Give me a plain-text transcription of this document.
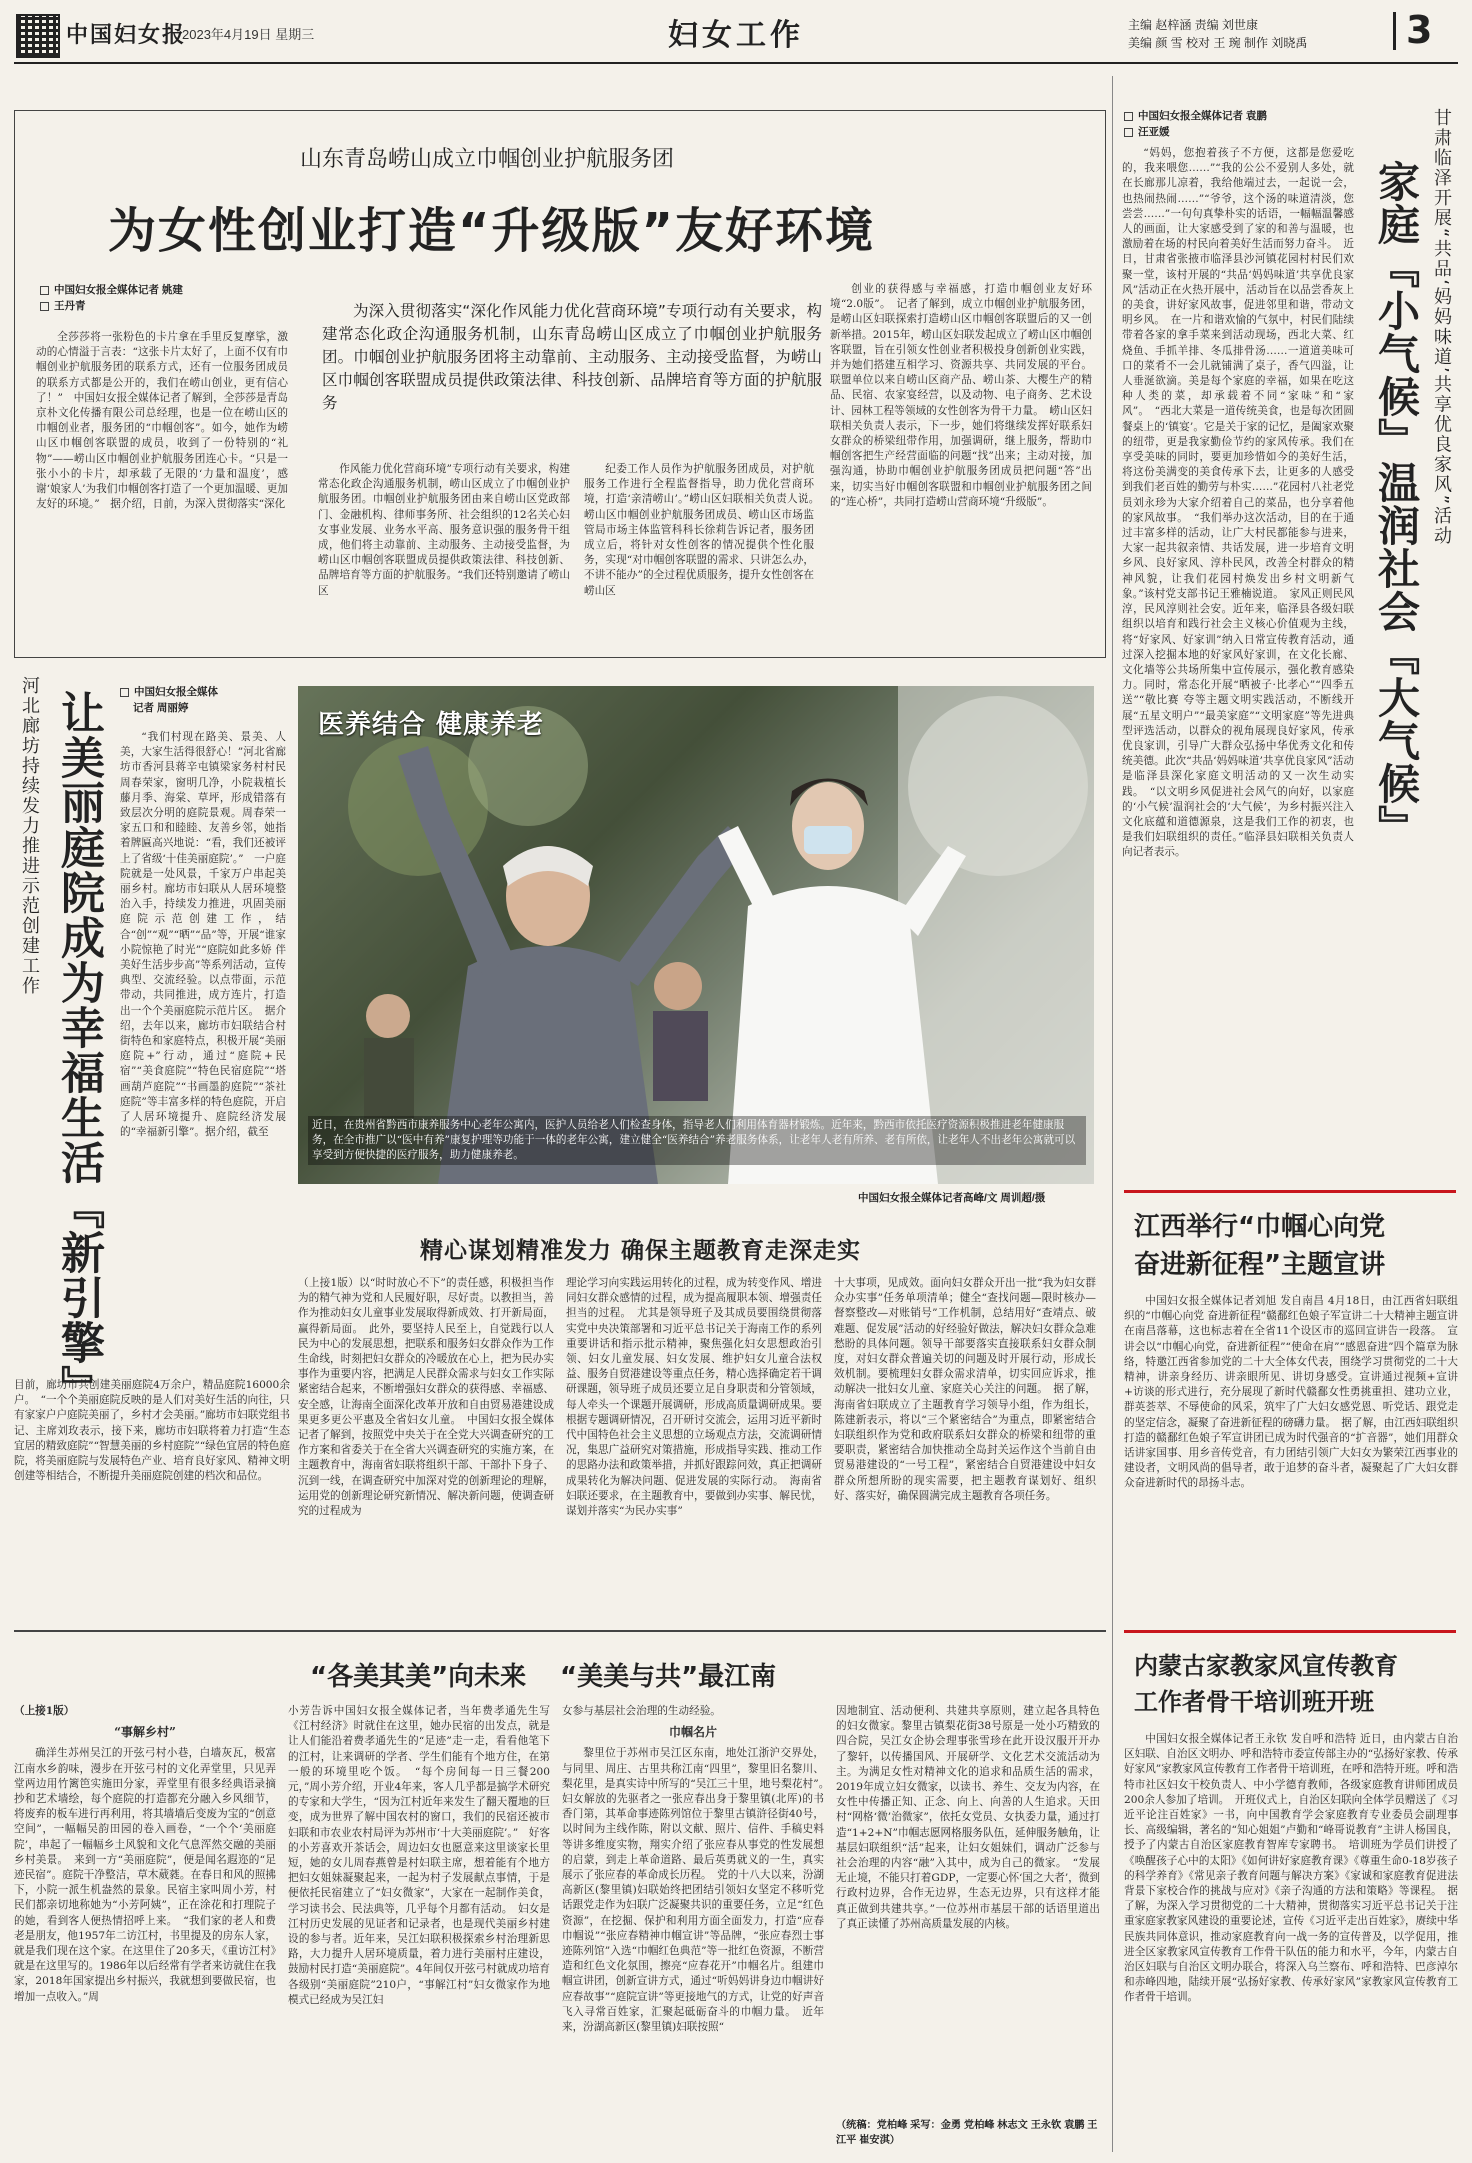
中国妇女报
2023年4月19日 星期三	妇女工作	主编 赵梓涵 责编 刘世康
美编 颜 雪 校对 王 琬 制作 刘晓禹	3
山东青岛崂山成立巾帼创业护航服务团
为女性创业打造“升级版”友好环境
中国妇女报全媒体记者 姚建
王丹青	为深入贯彻落实“深化作风能力优化营商环境”专项行动有关要求，构建常态化政企沟通服务机制，山东青岛崂山区成立了巾帼创业护航服务团。巾帼创业护航服务团将主动靠前、主动服务、主动接受监督，为崂山区巾帼创客联盟成员提供政策法律、科技创新、品牌培育等方面的护航服务

全莎莎将一张粉色的卡片拿在手里反复摩挲，激动的心情溢于言表：“这张卡片太好了，上面不仅有巾帼创业护航服务团的联系方式，还有一位服务团成员的联系方式都是公开的，我们在崂山创业，更有信心了！”　中国妇女报全媒体记者了解到，全莎莎是青岛京朴文化传播有限公司总经理，也是一位在崂山区的巾帼创业者，服务团的“巾帼创客”。如今，她作为崂山区巾帼创客联盟的成员，收到了一份特别的“礼物”——崂山区巾帼创业护航服务团连心卡。“只是一张小小的卡片，却承载了无限的‘力量和温度’，感谢‘娘家人’为我们巾帼创客打造了一个更加温暖、更加友好的环境。”　据介绍，日前，为深入贯彻落实“深化

作风能力优化营商环境”专项行动有关要求，构建常态化政企沟通服务机制，崂山区成立了巾帼创业护航服务团。巾帼创业护航服务团由来自崂山区党政部门、金融机构、律师事务所、社会组织的12名关心妇女事业发展、业务水平高、服务意识强的服务骨干组成，他们将主动靠前、主动服务、主动接受监督，为崂山区巾帼创客联盟成员提供政策法律、科技创新、品牌培育等方面的护航服务。“我们还特别邀请了崂山区

纪委工作人员作为护航服务团成员，对护航服务工作进行全程监督指导，助力优化营商环境，打造‘亲清崂山’。”崂山区妇联相关负责人说。　崂山区巾帼创业护航服务团成员、崂山区市场监管局市场主体监管科科长徐莉告诉记者，服务团成立后，将针对女性创客的情况提供个性化服务，实现“对巾帼创客联盟的需求、只讲怎么办，不讲不能办”的全过程优质服务，提升女性创客在崂山区

创业的获得感与幸福感，打造巾帼创业友好环境“2.0版”。　记者了解到，成立巾帼创业护航服务团，是崂山区妇联探索打造崂山区巾帼创客联盟后的又一创新举措。2015年，崂山区妇联发起成立了崂山区巾帼创客联盟，旨在引领女性创业者积极投身创新创业实践，并为她们搭建互相学习、资源共享、共同发展的平台。联盟单位以来自崂山区商产品、崂山茶、大樱生产的精品、民宿、农家宴经营，以及动物、电子商务、艺术设计、园林工程等领域的女性创客为骨干力量。　崂山区妇联相关负责人表示，下一步，她们将继续发挥好联系妇女群众的桥梁纽带作用，加强调研，继上服务，帮助巾帼创客把生产经营面临的问题“找”出来；主动对接，加强沟通，协助巾帼创业护航服务团成员把问题“答”出来，切实当好巾帼创客联盟和巾帼创业护航服务团之间的“连心桥”，共同打造崂山营商环境“升级版”。

中国妇女报全媒体记者 袁鹏
汪亚媛	甘肃临泽开展“共品‘妈妈味道’共享优良家风”活动
家庭『小气候』温润社会『大气候』

“妈妈，您抱着孩子不方便，这都是您爱吃的，我来喂您……”“我的公公不爱别人多处，就在长廊那儿凉着，我给他端过去，一起说一会，也热闹热闹……”“爷爷，这个汤的味道清淡，您尝尝……”一句句真挚朴实的话语，一幅幅温馨感人的画面，让大家感受到了家的和善与温暖，也激励着在场的村民向着美好生活而努力奋斗。　近日，甘肃省张掖市临泽县沙河镇花园村村民们欢聚一堂，该村开展的“共品‘妈妈味道’共享优良家风”活动正在火热开展中，活动旨在以品尝香灰上的美食，讲好家风故事，促进邻里和谐，带动文明乡风。　在一片和谐欢愉的气氛中，村民们陆续带着各家的拿手菜来到活动现场，西北大菜、红烧鱼、手抓羊排、冬瓜排骨汤……一道道美味可口的菜肴不一会儿就铺满了桌子，香气四溢，让人垂涎欲滴。美是每个家庭的幸福，如果在吃这种人类的菜，却承载着不同“家味”和“家风”。　“西北大菜是一道传统美食，也是每次团圆餐桌上的‘镇宴’。它是关于家的记忆，是阖家欢聚的纽带，更是我家勤俭节约的家风传承。我们在享受美味的同时，要更加珍惜如今的美好生活，将这份美满变的美食传承下去，让更多的人感受到我们老百姓的勤劳与朴实……”花园村八社老党员刘永珍为大家介绍着自己的菜品，也分享着他的家风故事。　“我们举办这次活动，目的在于通过丰富多样的活动，让广大村民都能参与进来，大家一起共叙亲情、共话发展，进一步培育文明乡风、良好家风、淳朴民风，改善全村群众的精神风貌，让我们花园村焕发出乡村文明新气象。”该村党支部书记王雅楠说道。　家风正则民风淳，民风淳则社会安。近年来，临泽县各级妇联组织以培育和践行社会主义核心价值观为主线，将“好家风、好家训”纳入日常宣传教育活动，通过深入挖掘本地的好家风好家训，在文化长廊、文化墙等公共场所集中宣传展示，强化教育感染力。同时，常态化开展“晒被子·比孝心”“四季五送”“敬比赛 夸等主题文明实践活动，不断线开展“五星文明户”“最美家庭”“文明家庭”等先进典型评选活动，以群众的视角展现良好家风，传承优良家训，引导广大群众弘扬中华优秀文化和传统美德。此次“共品‘妈妈味道’共享优良家风”活动是临泽县深化家庭文明活动的又一次生动实践。　“以文明乡风促进社会风气的向好，以家庭的‘小气候’温润社会的‘大气候’，为乡村振兴注入文化底蕴和道德源泉，这是我们工作的初衷，也是我们妇联组织的责任。”临泽县妇联相关负责人向记者表示。

河北廊坊持续发力推进示范创建工作 让美丽庭院成为幸福生活『新引擎』	中国妇女报全媒体
记者 周丽婷

“我们村现在路美、景美、人美，大家生活得很舒心！”河北省廊坊市香河县蒋辛屯镇梁家务村村民周春荣家，窗明几净，小院栽植长藤月季、海棠、草坪，形成错落有致层次分明的庭院景观。周春荣一家五口和和睦睦、友善乡邻，她指着牌匾高兴地说：“看，我们还被评上了省级‘十佳美丽庭院’。”　一户庭院就是一处风景，千家万户串起美丽乡村。廊坊市妇联从人居环境整治入手，持续发力推进，巩固美丽庭院示范创建工作，结合“创”“观”“晒”“品”等，开展“谁家小院惊艳了时光”“庭院如此多娇 伴美好生活步步高”等系列活动，宣传典型、交流经验。以点带面，示范带动，共同推进，成方连片，打造出一个个美丽庭院示范片区。　据介绍，去年以来，廊坊市妇联结合村街特色和家庭特点，积极开展“美丽庭院+”行动，通过“庭院+民宿”“美食庭院”“特色民宿庭院”“塔画葫芦庭院”“书画墨韵庭院”“茶社庭院”等丰富多样的特色庭院，开启了人居环境提升、庭院经济发展的“幸福新引擎”。据介绍，截至

目前，廊坊市共创建美丽庭院4万余户，精品庭院16000余户。　“一个个美丽庭院反映的是人们对美好生活的向往，只有家家户户庭院美丽了，乡村才会美丽。”廊坊市妇联党组书记、主席刘玫表示，接下来，廊坊市妇联将着力打造“生态宜居的精致庭院”“智慧美丽的乡村庭院”“绿色宜居的特色庭院，将美丽庭院与发展特色产业、培育良好家风、精神文明创建等相结合，不断提升美丽庭院创建的档次和品位。

医养结合 健康养老
近日，在贵州省黔西市康养服务中心老年公寓内，医护人员给老人们检查身体，指导老人们利用体育器材锻炼。近年来，黔西市依托医疗资源积极推进老年健康服务，在全市推广以“医中有养”康复护理等功能于一体的老年公寓，建立健全“医养结合”养老服务体系，让老年人老有所养、老有所依，让老年人不出老年公寓就可以享受到方便快捷的医疗服务，助力健康养老。
中国妇女报全媒体记者高峰/文 周训超/摄
精心谋划精准发力 确保主题教育走深走实

（上接1版）以“时时放心不下”的责任感，积极担当作为的精气神为党和人民履好职，尽好责。以教担当，善作为推动妇女儿童事业发展取得新成效、打开新局面，赢得新局面。　此外，要坚持人民至上，自觉践行以人民为中心的发展思想，把联系和服务妇女群众作为工作生命线，时刻把妇女群众的冷暖放在心上，把为民办实事作为重要内容，把满足人民群众需求与妇女工作实际紧密结合起来，不断增强妇女群众的获得感、幸福感、安全感，让海南全面深化改革开放和自由贸易港建设成果更多更公平惠及全省妇女儿童。　中国妇女报全媒体记者了解到，按照党中央关于在全党大兴调查研究的工作方案和省委关于在全省大兴调查研究的实施方案，在主题教育中，海南省妇联将组织干部、干部扑下身子、沉到一线，在调查研究中加深对党的创新理论的理解，运用党的创新理论研究新情况、解决新问题，使调查研究的过程成为

理论学习向实践运用转化的过程，成为转变作风、增进同妇女群众感情的过程，成为提高履职本领、增强责任担当的过程。　尤其是领导班子及其成员要围绕贯彻落实党中央决策部署和习近平总书记关于海南工作的系列重要讲话和指示批示精神，聚焦强化妇女思想政治引领、妇女儿童发展、妇女发展、维护妇女儿童合法权益、服务自贸港建设等重点任务，精心选择确定若干调研课题，领导班子成员还要立足自身职责和分管领域，每人牵头一个课题开展调研，形成高质量调研成果。要根据专题调研情况，召开研讨交流会，运用习近平新时代中国特色社会主义思想的立场观点方法，交流调研情况，集思广益研究对策措施，形成指导实践、推动工作的思路办法和政策举措，并抓好跟踪问效，真正把调研成果转化为解决问题、促进发展的实际行动。　海南省妇联还要求，在主题教育中，要做到办实事、解民忧，谋划并落实“为民办实事”

十大事项，见成效。面向妇女群众开出一批“我为妇女群众办实事”任务单项清单；健全“查找问题—限时核办—督察整改—对账销号”工作机制，总结用好“查靖点、破难题、促发展”活动的好经验好做法，解决妇女群众急难愁盼的具体问题。领导干部要落实直接联系妇女群众制度，对妇女群众普遍关切的问题及时开展行动，形成长效机制。要梳理妇女群众需求清单，切实回应诉求，推动解决一批妇女儿童、家庭关心关注的问题。　据了解，海南省妇联成立了主题教育学习领导小组，作为组长，陈建新表示，将以“三个紧密结合”为重点，即紧密结合妇联组织作为党和政府联系妇女群众的桥梁和纽带的重要职责，紧密结合加快推动全岛封关运作这个当前自由贸易港建设的“一号工程”，紧密结合自贸港建设中妇女群众所想所盼的现实需要，把主题教育谋划好、组织好、落实好，确保圆满完成主题教育各项任务。

江西举行“巾帼心向党
奋进新征程”主题宣讲

中国妇女报全媒体记者刘旭 发自南昌 4月18日，由江西省妇联组织的“巾帼心向党 奋进新征程”赣鄱红色娘子军宣讲二十大精神主题宣讲在南昌落幕，这也标志着在全省11个设区市的巡回宣讲告一段落。　宣讲会以“巾帼心向党，奋进新征程”“使命在肩”“感恩奋进”四个篇章为脉络，特邀江西省参加党的二十大全体女代表，围绕学习贯彻党的二十大精神，讲亲身经历、讲亲眼所见、讲切身感受。宣讲通过视频+宣讲+访谈的形式进行，充分展现了新时代赣鄱女性勇挑重担、建功立业，群英荟萃、不辱使命的风采，筑牢了广大妇女感党恩、听党话、跟党走的坚定信念，凝聚了奋进新征程的磅礴力量。　据了解，由江西妇联组织打造的赣鄱红色娘子军宣讲团已成为时代强音的“扩音器”，她们用群众话讲家国事、用乡音传党音，有力团结引领广大妇女为繁荣江西事业的建设者，文明风尚的倡导者，敢于追梦的奋斗者，凝聚起了广大妇女群众奋进新时代的昂扬斗志。

内蒙古家教家风宣传教育
工作者骨干培训班开班

中国妇女报全媒体记者王永钦 发自呼和浩特 近日，由内蒙古自治区妇联、自治区文明办、呼和浩特市委宣传部主办的“弘扬好家教、传承好家风”家教家风宣传教育工作者骨干培训班，在呼和浩特开班。呼和浩特市社区妇女干校负责人、中小学德育教师，各级家庭教育讲师团成员200余人参加了培训。　开班仪式上，自治区妇联向全体学员赠送了《习近平论注百姓家》一书，向中国教育学会家庭教育专业委员会副理事长、高级编辑，著名的“知心姐姐”卢勤和“峰哥说教育”主讲人杨国良，授予了内蒙古自治区家庭教育智库专家聘书。　培训班为学员们讲授了《唤醒孩子心中的太阳》《如何讲好家庭教育课》《尊重生命0-18岁孩子的科学养育》《常见亲子教育问题与解决方案》《家诚和家庭教育促进法背景下家校合作的挑战与应对》《亲子沟通的方法和策略》等课程。　据了解，为深入学习贯彻党的二十大精神，贯彻落实习近平总书记关于注重家庭家教家风建设的重要论述，宣传《习近平走出百姓家》，赓续中华民族共同体意识，推动家庭教育向一战一务的宣传普及，以学促用，推进全区家教家风宣传教育工作骨干队伍的能力和水平，今年，内蒙古自治区妇联与自治区文明办联合，将深入乌兰察布、呼和浩特、巴彦淖尔和赤峰四地，陆续开展“弘扬好家教、传承好家风”家教家风宣传教育工作者骨干培训。

“各美其美”向未来 “美美与共”最江南

（上接1版）

“事解乡村”

确洋生苏州吴江的开弦弓村小巷，白墙灰瓦，极富江南水乡韵味，漫步在开弦弓村的文化弄堂里，只见弄堂两边用竹篱笆实施田分家，弄堂里有很多经典语录摘抄和艺术墙绘，每个庭院的打造都充分融入乡风细节，将废弃的板车进行再利用，将其墙墙后变废为宝的“创意空间”，一幅幅吴韵田园的卷入画卷，“一个个‘美丽庭院’，串起了一幅幅乡土风貌和文化气息浑然交融的美丽乡村美景。　来到一方“美丽庭院”，便是闻名遐迩的“足迹民宿”。庭院干净整洁，草木葳蕤。在春日和风的照拂下，小院一派生机盎然的景象。民宿主家叫周小芳，村民们都亲切地称她为“小芳阿姨”，正在涂花和打理院子的她，看到客人便热情招呼上来。　“我们家的老人和费老是朋友，他1957年二访江村，书里提及的房东人家，就是我们现在这个家。在这里住了20多天，《重访江村》就是在这里写的。1986年以后经常有学者来访就住在我家，2018年国家提出乡村振兴，我就想到要做民宿，也增加一点收入。”周

小芳告诉中国妇女报全媒体记者，当年费孝通先生写《江村经济》时就住在这里，她办民宿的出发点，就是让人们能沿着费孝通先生的“足迹”走一走，看看他笔下的江村，让来调研的学者、学生们能有个地方住，在第一般的环境里吃个饭。　“每个房间每一日三餐200元，”周小芳介绍，开业4年来，客人几乎都是搞学术研究的专家和大学生，“因为江村近年来发生了翻天覆地的巨变，成为世界了解中国农村的窗口，我们的民宿还被市妇联和市农业农村局评为苏州市‘十大美丽庭院’。”　好客的小芳喜欢开茶话会，周边妇女也愿意来这里谈家长里短，她的女儿周春燕曾是村妇联主席，想着能有个地方把妇女姐妹凝聚起来，一起为村子发展献点事情，于是便依托民宿建立了“妇女微家”，大家在一起制作美食，学习读书会、民法典等，几乎每个月都有活动。　妇女是江村历史发展的见证者和记录者，也是现代美丽乡村建设的参与者。近年来，吴江妇联积极探索乡村治理新思路，大力提升人居环境质量，着力进行美丽村庄建设，鼓励村民打造“美丽庭院”。4年间仅开弦弓村就成功培育各级别“美丽庭院”210户，“事解江村”妇女微家作为地模式已经成为吴江妇

女参与基层社会治理的生动经验。

巾帼名片

黎里位于苏州市吴江区东南，地处江浙沪交界处，与同里、周庄、古里共称江南“四里”，黎里旧名黎川、梨花里，是真实诗中所写的“吴江三十里，地号梨花村”。　妇女解放的先驱者之一张应春出身于黎里镇(北厍)的书香门第，其革命事迹陈列馆位于黎里古镇浒径街40号，以时间为主线作陈，附以文献、照片、信件、手稿史料等讲多维度实物，翔实介绍了张应春从事党的性发展想的启蒙，到走上革命道路、最后英勇就义的一生，真实展示了张应春的革命成长历程。　党的十八大以来，汾湖高新区(黎里镇)妇联始终把团结引领妇女坚定不移听党话跟党走作为妇联广泛凝聚共识的重要任务，立足“红色资源”，在挖掘、保护和利用方面全面发力，打造“应春巾帼说”“张应春精神巾帼宣讲”等品牌，“张应春烈士事迹陈列馆”入选“巾帼红色典范”等一批红色资源，不断营造和红色文化氛围，擦亮“应春花开”巾帼名片。组建巾帼宣讲团，创新宣讲方式，通过“听妈妈讲身边巾帼讲好应春故事”“庭院宣讲”等更接地气的方式，让党的好声音飞入寻常百姓家，汇聚起砥砺奋斗的巾帼力量。　近年来，汾湖高新区(黎里镇)妇联按照“

因地制宜、活动便利、共建共享原则，建立起各具特色的妇女微家。黎里古镇梨花街38号原是一处小巧精致的四合院，吴江女企协会理事张雪珍在此开设汉服开开办了黎轩，以传播国风、开展研学、文化艺术交流活动为主。为满足女性对精神文化的追求和品质生活的需求，2019年成立妇女微家，以读书、养生、交友为内容，在女性中传播正知、正念、向上、向善的人生追求。天田村“网格‘微’治微家”，依托女党员、女执委力量，通过打造“1+2+N”巾帼志愿网格服务队伍，延伸服务触角，让基层妇联组织“活”起来，让妇女姐妹们，调动广泛参与社会治理的内容“融”入其中，成为自己的微家。　“发展无止境，不能只打着GDP，一定要心怀‘国之大者’，微到行政村边界，合作无边界，生态无边界，只有这样才能真正做到共建共享。”一位苏州市基层干部的话语里道出了真正读懂了苏州高质量发展的内核。

（统稿：党柏峰 采写：金勇 党柏峰 林志文 王永钦 袁鹏 王江平 崔安淇）
